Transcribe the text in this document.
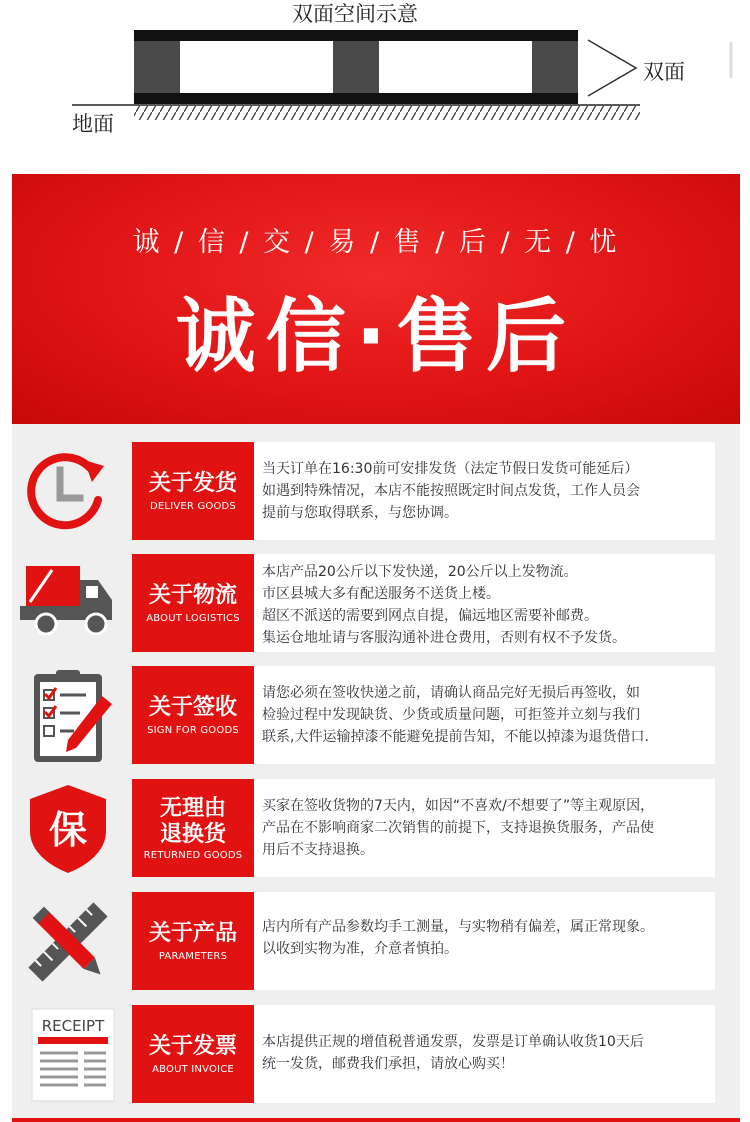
双面空间示意
地面
双面
诚 / 信 / 交 / 易 / 售 / 后 / 无 / 忧
诚信·售后
关于发货
DELIVER GOODS

当天订单在16:30前可安排发货（法定节假日发货可能延后）

如遇到特殊情况，本店不能按照既定时间点发货，工作人员会

提前与您取得联系，与您协调。

关于物流
ABOUT LOGISTICS

本店产品20公斤以下发快递，20公斤以上发物流。

市区县城大多有配送服务不送货上楼。

超区不派送的需要到网点自提，偏远地区需要补邮费。

集运仓地址请与客服沟通补进仓费用，否则有权不予发货。

关于签收
SIGN FOR GOODS

请您必须在签收快递之前，请确认商品完好无损后再签收，如

检验过程中发现缺货、少货或质量问题，可拒签并立刻与我们

联系,大件运输掉漆不能避免提前告知，不能以掉漆为退货借口.

保	无理由
退换货
RETURNED GOODS

买家在签收货物的7天内，如因“不喜欢/不想要了”等主观原因，

产品在不影响商家二次销售的前提下，支持退换货服务，产品使

用后不支持退换。

关于产品
PARAMETERS

店内所有产品参数均手工测量，与实物稍有偏差，属正常现象。

以收到实物为准，介意者慎拍。

RECEIPT
关于发票
ABOUT INVOICE

本店提供正规的增值税普通发票，发票是订单确认收货10天后

统一发货，邮费我们承担，请放心购买！
